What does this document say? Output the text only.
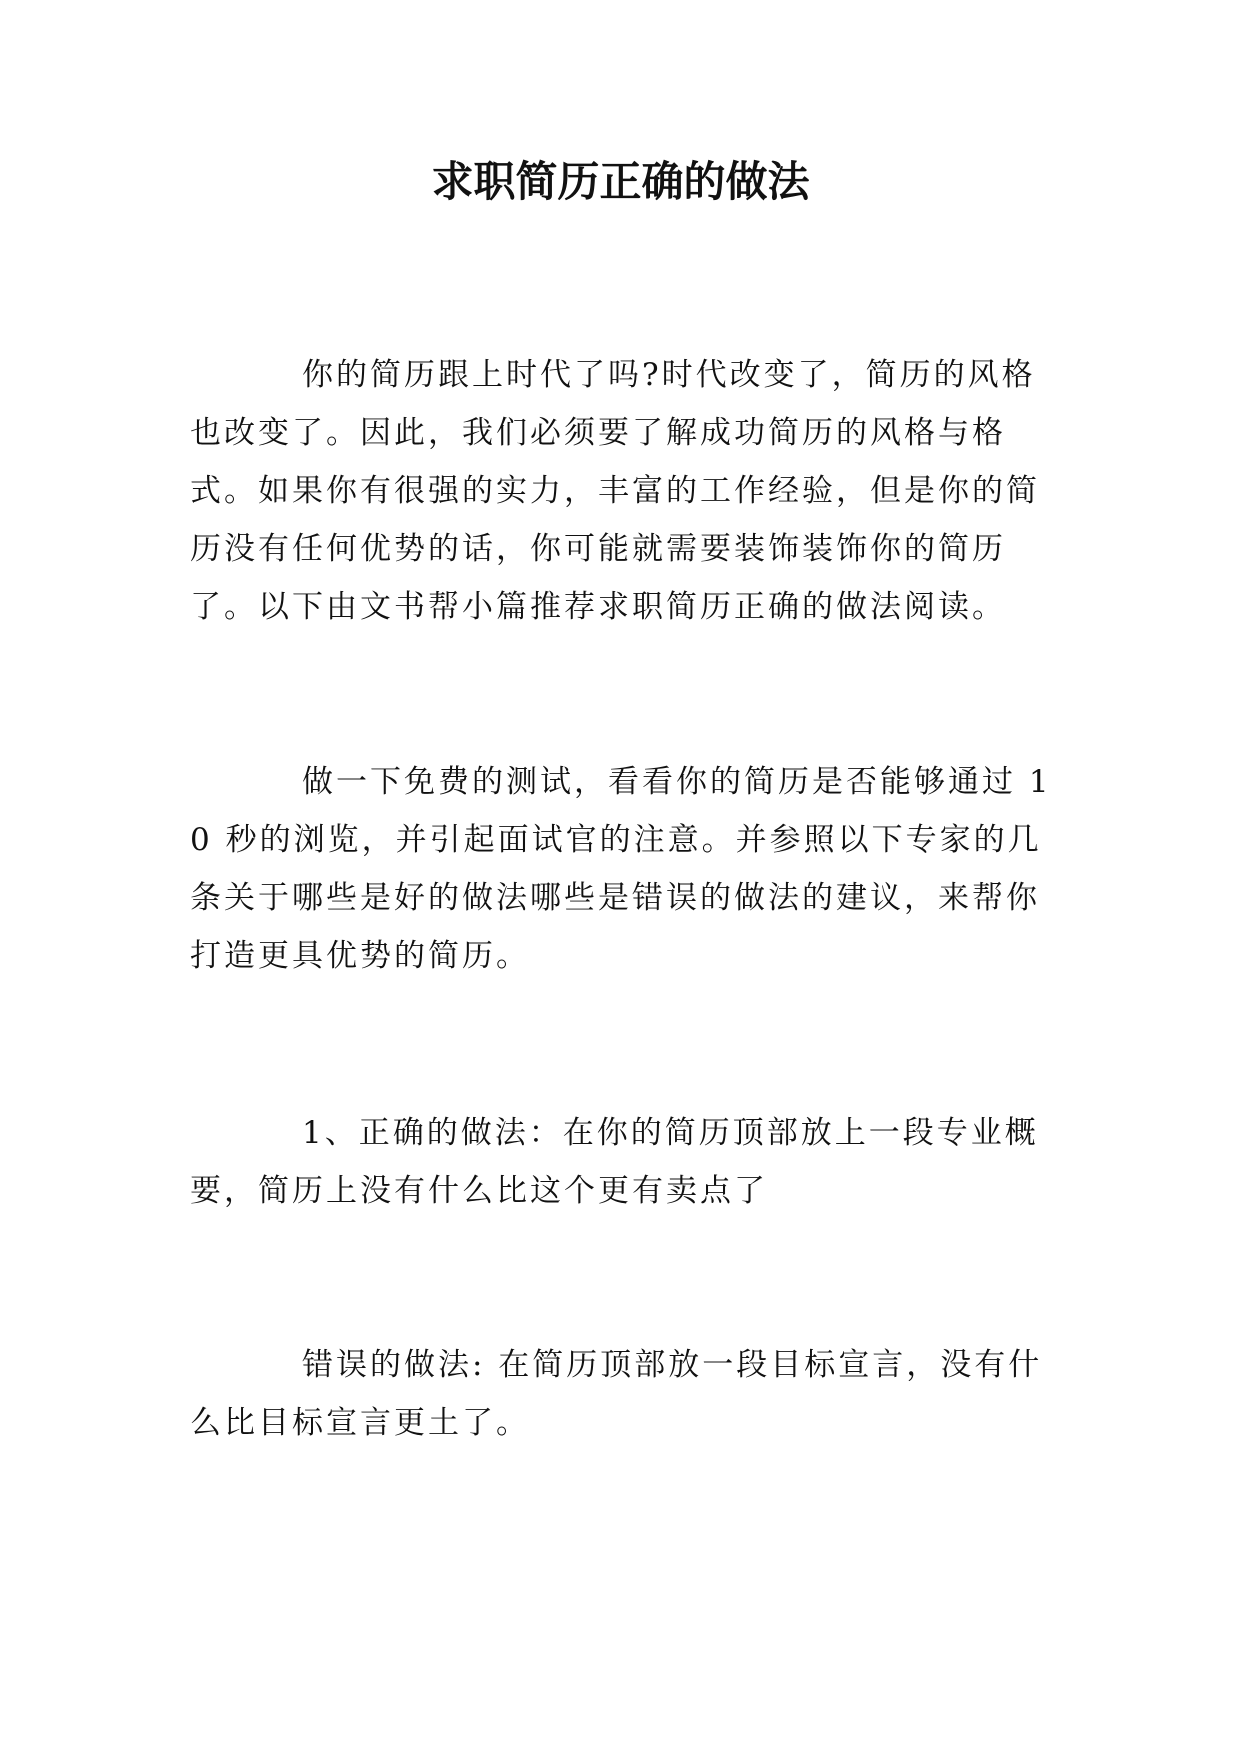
求职简历正确的做法

你的简历跟上时代了吗?时代改变了，简历的风格也改变了。因此，我们必须要了解成功简历的风格与格式。如果你有很强的实力，丰富的工作经验，但是你的简历没有任何优势的话，你可能就需要装饰装饰你的简历了。以下由文书帮小篇推荐求职简历正确的做法阅读。

做一下免费的测试，看看你的简历是否能够通过 10 秒的浏览，并引起面试官的注意。并参照以下专家的几条关于哪些是好的做法哪些是错误的做法的建议，来帮你打造更具优势的简历。

1、正确的做法：在你的简历顶部放上一段专业概要，简历上没有什么比这个更有卖点了

错误的做法: 在简历顶部放一段目标宣言，没有什么比目标宣言更土了。
